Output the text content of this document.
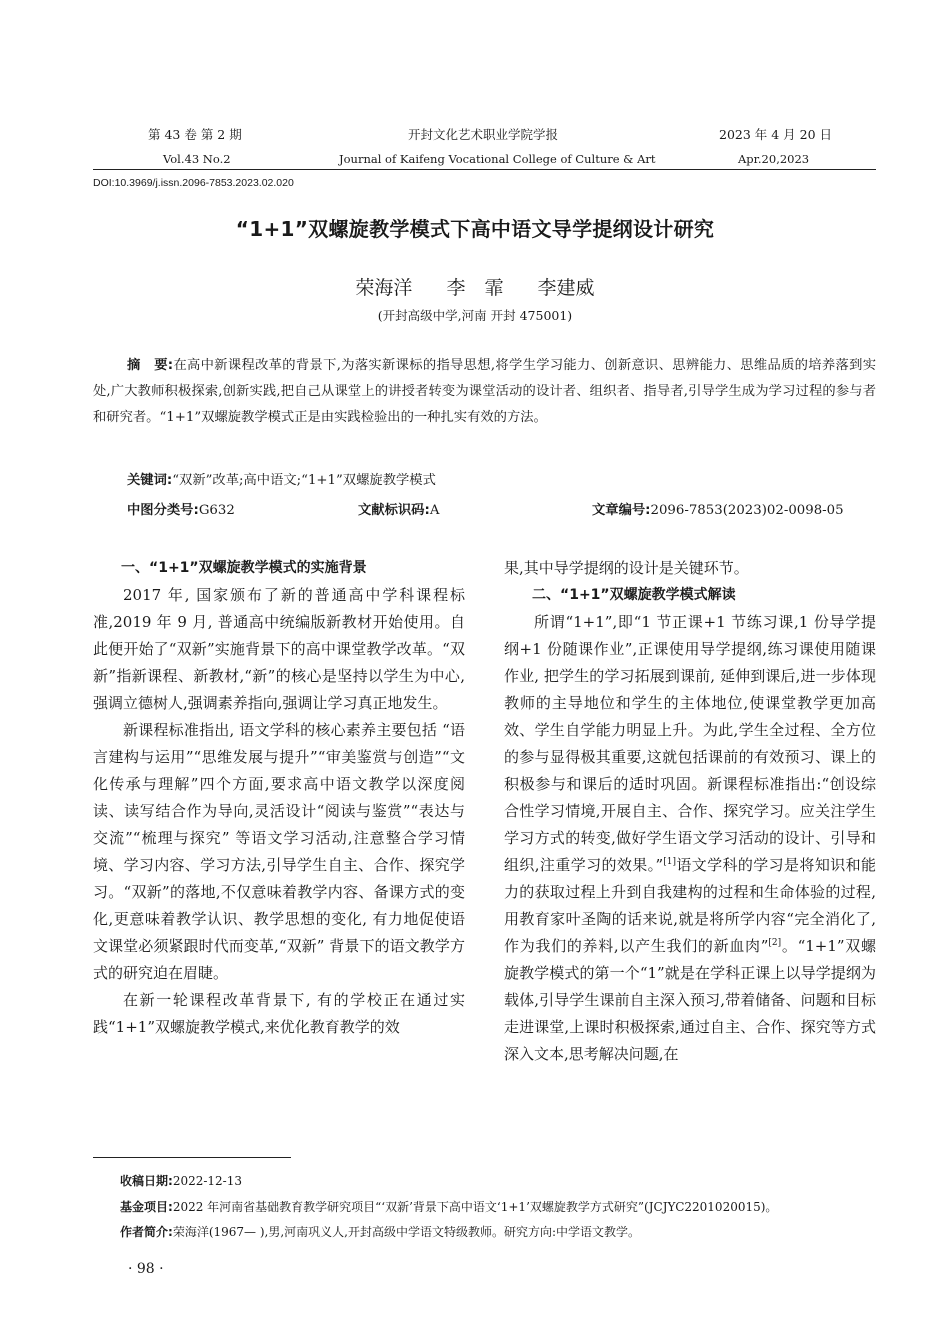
第 43 卷 第 2 期	开封文化艺术职业学院学报	2023 年 4 月 20 日
Vol.43 No.2	Journal of Kaifeng Vocational College of Culture & Art	Apr.20,2023
DOI:10.3969/j.issn.2096-7853.2023.02.020
“1+1”双螺旋教学模式下高中语文导学提纲设计研究
荣海洋 李　霏 李建威
(开封高级中学,河南 开封 475001)
摘　要:在高中新课程改革的背景下,为落实新课标的指导思想,将学生学习能力、创新意识、思辨能力、思维品质的培养落到实处,广大教师积极探索,创新实践,把自己从课堂上的讲授者转变为课堂活动的设计者、组织者、指导者,引导学生成为学习过程的参与者和研究者。“1+1”双螺旋教学模式正是由实践检验出的一种扎实有效的方法。
关键词:“双新”改革;高中语文;“1+1”双螺旋教学模式
中图分类号:G632	文献标识码:A	文章编号:2096-7853(2023)02-0098-05
一、“1+1”双螺旋教学模式的实施背景

2017 年, 国家颁布了新的普通高中学科课程标准,2019 年 9 月, 普通高中统编版新教材开始使用。自此便开始了“双新”实施背景下的高中课堂教学改革。“双新”指新课程、新教材,“新”的核心是坚持以学生为中心,强调立德树人,强调素养指向,强调让学习真正地发生。

新课程标准指出, 语文学科的核心素养主要包括 “语言建构与运用”“思维发展与提升”“审美鉴赏与创造”“文化传承与理解”四个方面,要求高中语文教学以深度阅读、读写结合作为导向,灵活设计“阅读与鉴赏”“表达与交流”“梳理与探究” 等语文学习活动,注意整合学习情境、学习内容、学习方法,引导学生自主、合作、探究学习。“双新”的落地,不仅意味着教学内容、备课方式的变化,更意味着教学认识、教学思想的变化, 有力地促使语文课堂必须紧跟时代而变革,“双新” 背景下的语文教学方式的研究迫在眉睫。

在新一轮课程改革背景下, 有的学校正在通过实践“1+1”双螺旋教学模式,来优化教育教学的效

果,其中导学提纲的设计是关键环节。

二、“1+1”双螺旋教学模式解读

所谓“1+1”,即“1 节正课+1 节练习课,1 份导学提纲+1 份随课作业”,正课使用导学提纲,练习课使用随课作业, 把学生的学习拓展到课前, 延伸到课后,进一步体现教师的主导地位和学生的主体地位,使课堂教学更加高效、学生自学能力明显上升。为此,学生全过程、全方位的参与显得极其重要,这就包括课前的有效预习、课上的积极参与和课后的适时巩固。新课程标准指出:“创设综合性学习情境,开展自主、合作、探究学习。应关注学生学习方式的转变,做好学生语文学习活动的设计、引导和组织,注重学习的效果。”[1]语文学科的学习是将知识和能力的获取过程上升到自我建构的过程和生命体验的过程,用教育家叶圣陶的话来说,就是将所学内容“完全消化了,作为我们的养料,以产生我们的新血肉”[2]。“1+1”双螺旋教学模式的第一个“1”就是在学科正课上以导学提纲为载体,引导学生课前自主深入预习,带着储备、问题和目标走进课堂,上课时积极探索,通过自主、合作、探究等方式深入文本,思考解决问题,在

收稿日期:2022-12-13
基金项目:2022 年河南省基础教育教学研究项目“‘双新’背景下高中语文‘1+1’双螺旋教学方式研究”(JCJYC2201020015)。
作者简介:荣海洋(1967— ),男,河南巩义人,开封高级中学语文特级教师。研究方向:中学语文教学。
· 98 ·
